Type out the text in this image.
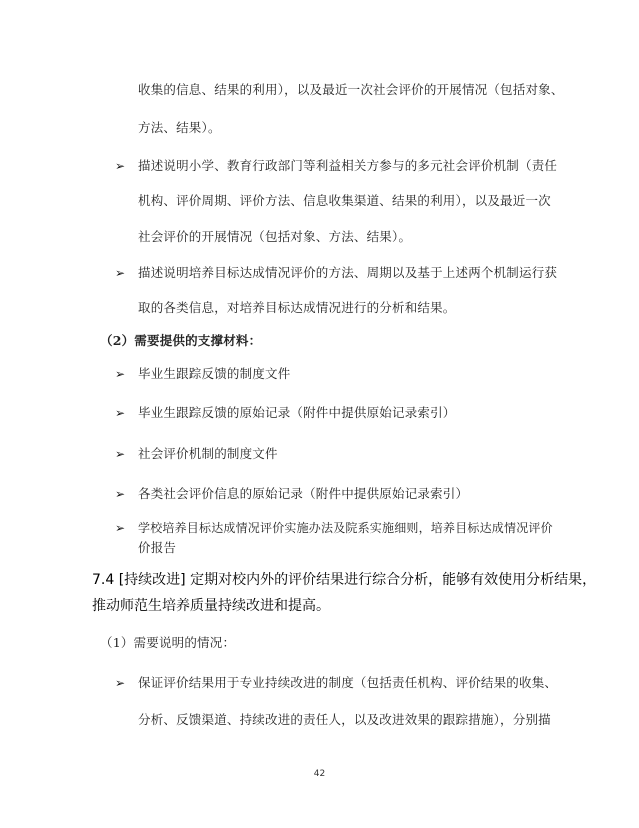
收集的信息、结果的利用），以及最近一次社会评价的开展情况（包括对象、
方法、结果）。
➢ 描述说明小学、教育行政部门等利益相关方参与的多元社会评价机制（责任
机构、评价周期、评价方法、信息收集渠道、结果的利用），以及最近一次
社会评价的开展情况（包括对象、方法、结果）。
➢ 描述说明培养目标达成情况评价的方法、周期以及基于上述两个机制运行获
取的各类信息，对培养目标达成情况进行的分析和结果。
（2）需要提供的支撑材料：
➢ 毕业生跟踪反馈的制度文件
➢ 毕业生跟踪反馈的原始记录（附件中提供原始记录索引）
➢ 社会评价机制的制度文件
➢ 各类社会评价信息的原始记录（附件中提供原始记录索引）
➢ 学校培养目标达成情况评价实施办法及院系实施细则，培养目标达成情况评价
价报告
7.4 [持续改进] 定期对校内外的评价结果进行综合分析，能够有效使用分析结果，
推动师范生培养质量持续改进和提高。
（1）需要说明的情况：
➢ 保证评价结果用于专业持续改进的制度（包括责任机构、评价结果的收集、
分析、反馈渠道、持续改进的责任人，以及改进效果的跟踪措施），分别描
42
